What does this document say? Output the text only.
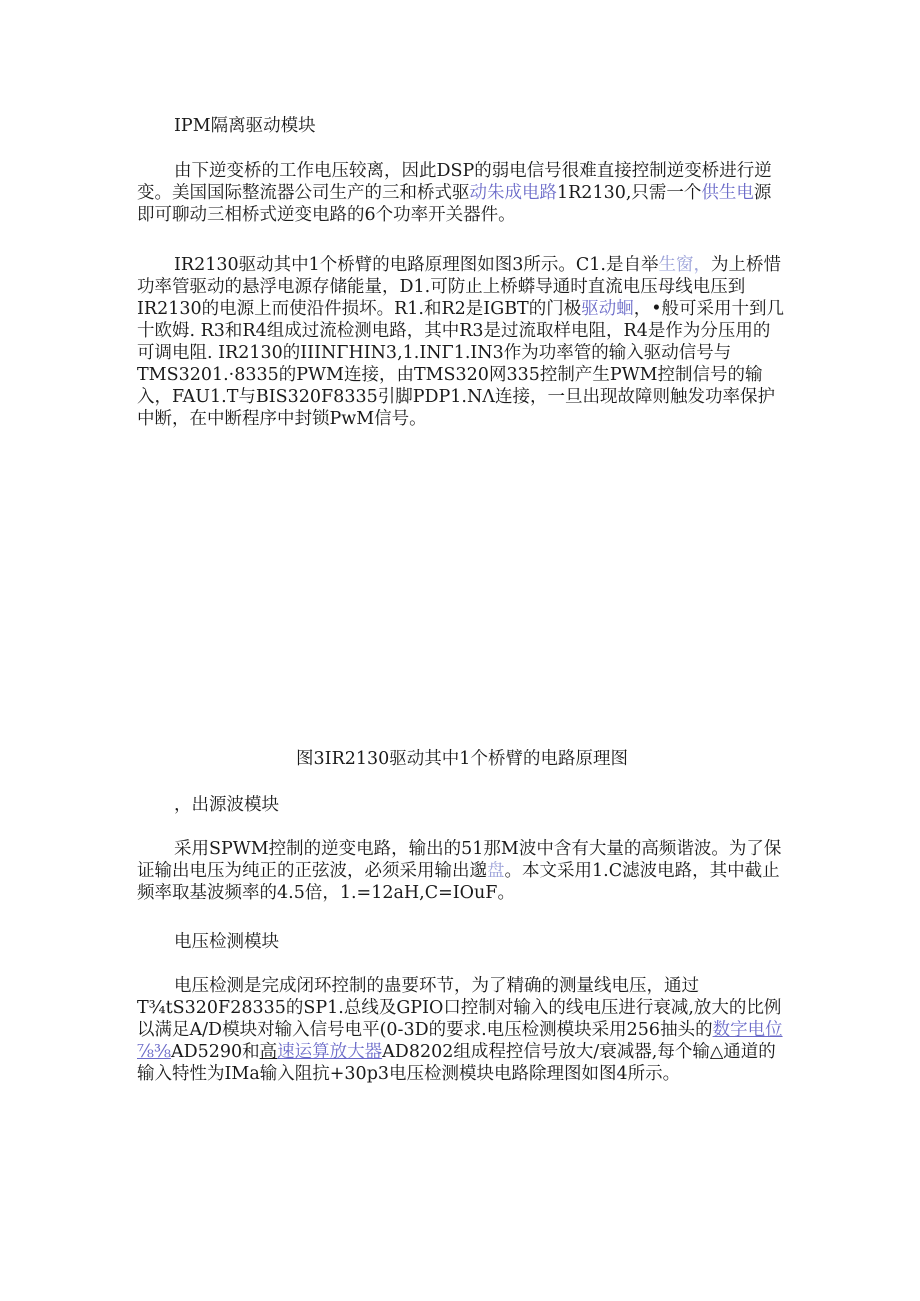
IPM隔离驱动模块

由下逆变桥的工作电压较离，因此DSP的弱电信号很难直接控制逆变桥进行逆变。美国国际整流器公司生产的三和桥式驱动朱成电路1R2130,只需一个供生电源即可聊动三相桥式逆变电路的6个功率开关器件。

IR2130驱动其中1个桥臂的电路原理图如图3所示。C1.是自举生窗，为上桥惜功率管驱动的悬浮电源存储能量，D1.可防止上桥蟒导通时直流电压母线电压到IR2130的电源上而使沿件损坏。R1.和R2是IGBT的门极驱动蛔，•般可采用十到几十欧姆. R3和R4组成过流检测电路，其中R3是过流取样电阻，R4是作为分压用的可调电阻. IR2130的IIINΓHIN3,1.INΓ1.IN3作为功率管的输入驱动信号与TMS3201.·8335的PWM连接，由TMS320网335控制产生PWM控制信号的输入，FAU1.T与BIS320F8335引脚PDP1.NΛ连接，一旦出现故障则触发功率保护中断，在中断程序中封锁PwM信号。

图3IR2130驱动其中1个桥臂的电路原理图
，出源波模块

采用SPWM控制的逆变电路，输出的51那M波中含有大量的高频谐波。为了保证输出电压为纯正的正弦波，必须采用输出邈盘。本文采用1.C滤波电路，其中截止频率取基波频率的4.5倍，1.=12aH,C=IOuF。

电压检测模块

电压检测是完成闭环控制的蛊要环节，为了精确的测量线电压，通过T¾tS320F28335的SP1.总线及GPIO口控制对输入的线电压进行衰减,放大的比例以满足A/D模块对输入信号电平(0-3D的要求.电压检测模块采用256抽头的数字电位⅞⅜AD5290和高速运算放大器AD8202组成程控信号放大/衰减器,每个输△通道的输入特性为IMa输入阻抗+30p3电压检测模块电路除理图如图4所示。
